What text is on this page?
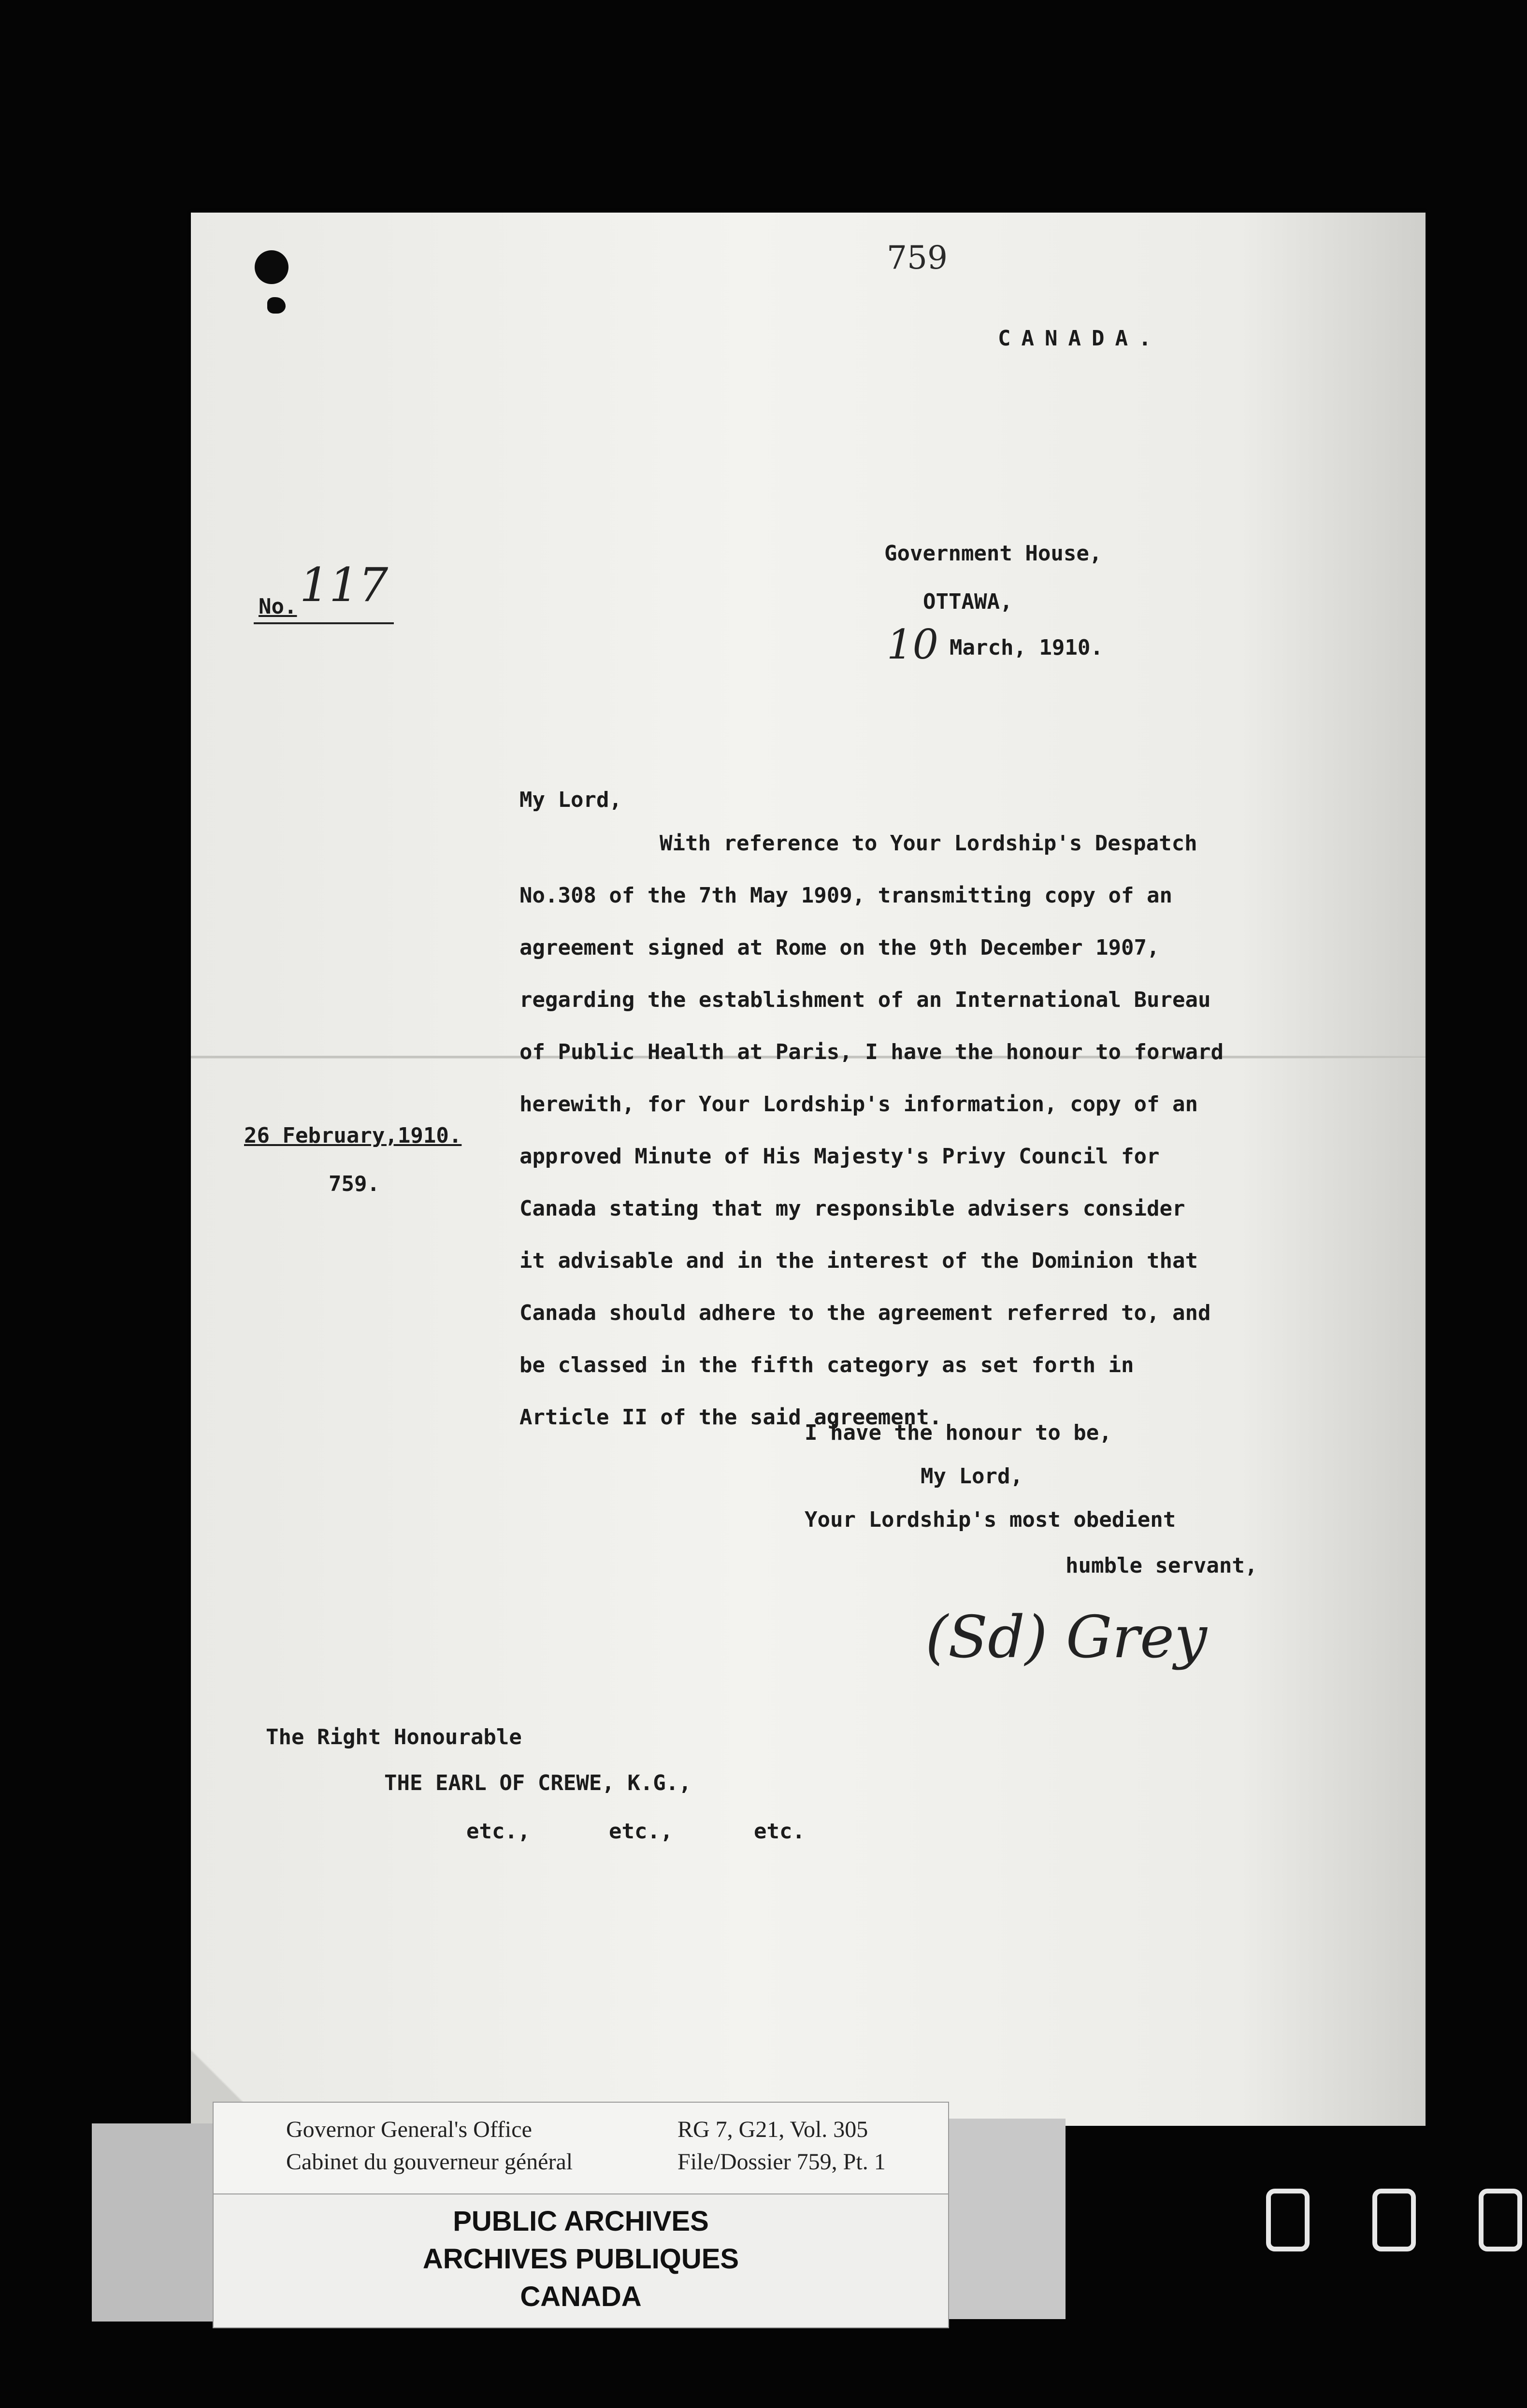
759
CANADA.
Government House,
OTTAWA,
10 March, 1910.
No. 117
My Lord,
With reference to Your Lordship's Despatch
No.308 of the 7th May 1909, transmitting copy of an
agreement signed at Rome on the 9th December 1907,
regarding the establishment of an International Bureau
of Public Health at Paris, I have the honour to forward
herewith, for Your Lordship's information, copy of an
approved Minute of His Majesty's Privy Council for
Canada stating that my responsible advisers consider
it advisable and in the interest of the Dominion that
Canada should adhere to the agreement referred to, and
be classed in the fifth category as set forth in
Article II of the said agreement.
26 February,1910.
759.
I have the honour to be,
My Lord,
Your Lordship's most obedient
humble servant,
(Sd) Grey
The Right Honourable
THE EARL OF CREWE, K.G.,
etc.,	etc.,	etc.
Governor General's Office
Cabinet du gouverneur général
RG 7, G21, Vol. 305
File/Dossier 759, Pt. 1
PUBLIC ARCHIVES
ARCHIVES PUBLIQUES
CANADA
